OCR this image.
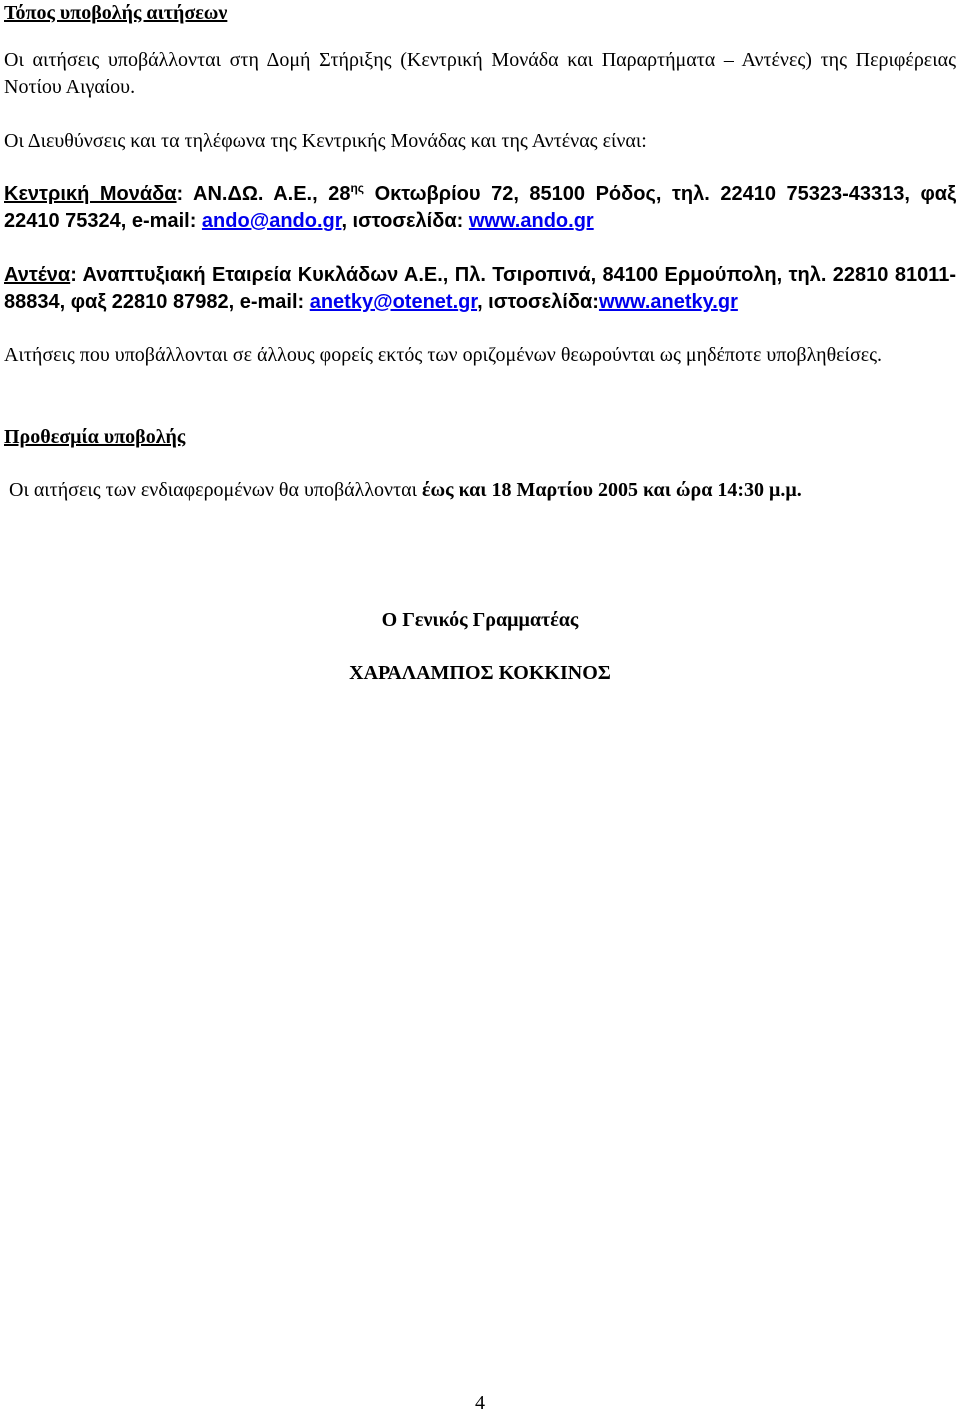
Τόπος υποβολής αιτήσεων
Οι αιτήσεις υποβάλλονται στη Δομή Στήριξης (Κεντρική Μονάδα και Παραρτήματα – Αντένες) της Περιφέρειας Νοτίου Αιγαίου.
Οι Διευθύνσεις και τα τηλέφωνα της Κεντρικής Μονάδας και της Αντένας είναι:
Κεντρική Μονάδα: ΑΝ.ΔΩ. Α.Ε., $28^{\eta\varsigma}$ Οκτωβρίου 72, 85100 Ρόδος, τηλ. 22410 75323-43313, φαξ 22410 75324, e-mail: ando@ando.gr, ιστοσελίδα: www.ando.gr
Αντένα: Αναπτυξιακή Εταιρεία Κυκλάδων Α.Ε., Πλ. Τσιροπινά, 84100 Ερμούπολη, τηλ. 22810 81011-88834, φαξ 22810 87982, e-mail: anetky@otenet.gr, ιστοσελίδα:www.anetky.gr
Αιτήσεις που υποβάλλονται σε άλλους φορείς εκτός των οριζομένων θεωρούνται ως μηδέποτε υποβληθείσες.
Προθεσμία υποβολής
Οι αιτήσεις των ενδιαφερομένων θα υποβάλλονται έως και 18 Μαρτίου 2005 και ώρα 14:30 μ.μ.
Ο Γενικός Γραμματέας
ΧΑΡΑΛΑΜΠΟΣ ΚΟΚΚΙΝΟΣ
4
